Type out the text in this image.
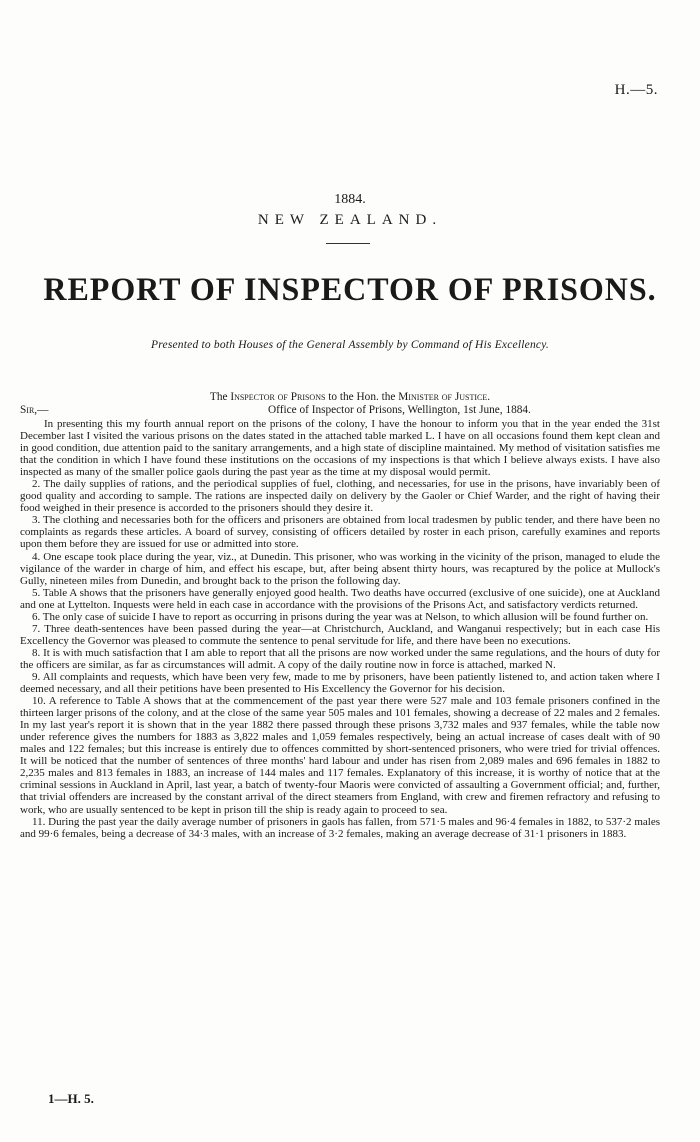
H.—5.
1884.
NEW ZEALAND.
REPORT OF INSPECTOR OF PRISONS.
Presented to both Houses of the General Assembly by Command of His Excellency.
The Inspector of Prisons to the Hon. the Minister of Justice.
Sir,—	Office of Inspector of Prisons, Wellington, 1st June, 1884.

In presenting this my fourth annual report on the prisons of the colony, I have the honour to inform you that in the year ended the 31st December last I visited the various prisons on the dates stated in the attached table marked L. I have on all occasions found them kept clean and in good condition, due attention paid to the sanitary arrangements, and a high state of discipline maintained. My method of visitation satisfies me that the condition in which I have found these institutions on the occasions of my inspections is that which I believe always exists. I have also inspected as many of the smaller police gaols during the past year as the time at my disposal would permit.

2. The daily supplies of rations, and the periodical supplies of fuel, clothing, and necessaries, for use in the prisons, have invariably been of good quality and according to sample. The rations are inspected daily on delivery by the Gaoler or Chief Warder, and the right of having their food weighed in their presence is accorded to the prisoners should they desire it.

3. The clothing and necessaries both for the officers and prisoners are obtained from local tradesmen by public tender, and there have been no complaints as regards these articles. A board of survey, consisting of officers detailed by roster in each prison, carefully examines and reports upon them before they are issued for use or admitted into store.

4. One escape took place during the year, viz., at Dunedin. This prisoner, who was working in the vicinity of the prison, managed to elude the vigilance of the warder in charge of him, and effect his escape, but, after being absent thirty hours, was recaptured by the police at Mullock's Gully, nineteen miles from Dunedin, and brought back to the prison the following day.

5. Table A shows that the prisoners have generally enjoyed good health. Two deaths have occurred (exclusive of one suicide), one at Auckland and one at Lyttelton. Inquests were held in each case in accordance with the provisions of the Prisons Act, and satisfactory verdicts returned.

6. The only case of suicide I have to report as occurring in prisons during the year was at Nelson, to which allusion will be found further on.

7. Three death-sentences have been passed during the year—at Christchurch, Auckland, and Wanganui respectively; but in each case His Excellency the Governor was pleased to commute the sentence to penal servitude for life, and there have been no executions.

8. It is with much satisfaction that I am able to report that all the prisons are now worked under the same regulations, and the hours of duty for the officers are similar, as far as circumstances will admit. A copy of the daily routine now in force is attached, marked N.

9. All complaints and requests, which have been very few, made to me by prisoners, have been patiently listened to, and action taken where I deemed necessary, and all their petitions have been presented to His Excellency the Governor for his decision.

10. A reference to Table A shows that at the commencement of the past year there were 527 male and 103 female prisoners confined in the thirteen larger prisons of the colony, and at the close of the same year 505 males and 101 females, showing a decrease of 22 males and 2 females. In my last year's report it is shown that in the year 1882 there passed through these prisons 3,732 males and 937 females, while the table now under reference gives the numbers for 1883 as 3,822 males and 1,059 females respectively, being an actual increase of cases dealt with of 90 males and 122 females; but this increase is entirely due to offences committed by short-sentenced prisoners, who were tried for trivial offences. It will be noticed that the number of sentences of three months' hard labour and under has risen from 2,089 males and 696 females in 1882 to 2,235 males and 813 females in 1883, an increase of 144 males and 117 females. Explanatory of this increase, it is worthy of notice that at the criminal sessions in Auckland in April, last year, a batch of twenty-four Maoris were convicted of assaulting a Government official; and, further, that trivial offenders are increased by the constant arrival of the direct steamers from England, with crew and firemen refractory and refusing to work, who are usually sentenced to be kept in prison till the ship is ready again to proceed to sea.

11. During the past year the daily average number of prisoners in gaols has fallen, from 571·5 males and 96·4 females in 1882, to 537·2 males and 99·6 females, being a decrease of 34·3 males, with an increase of 3·2 females, making an average decrease of 31·1 prisoners in 1883.

1—H. 5.
